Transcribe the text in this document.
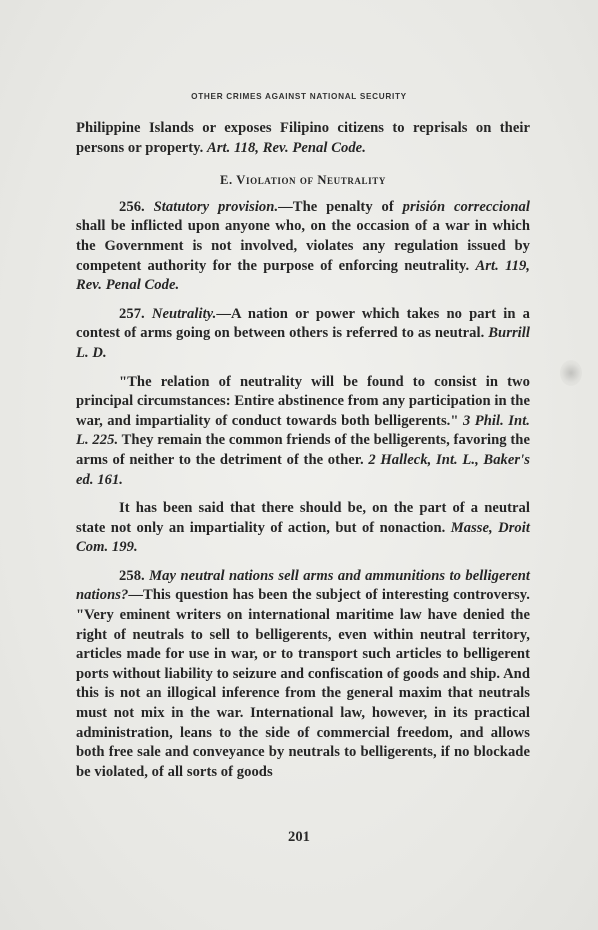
OTHER CRIMES AGAINST NATIONAL SECURITY

Philippine Islands or exposes Filipino citizens to reprisals on their persons or property. Art. 118, Rev. Penal Code.

E. Violation of Neutrality

256. Statutory provision.—The penalty of prisión correccional shall be inflicted upon anyone who, on the occasion of a war in which the Government is not involved, violates any regulation issued by competent authority for the purpose of enforcing neutrality. Art. 119, Rev. Penal Code.

257. Neutrality.—A nation or power which takes no part in a contest of arms going on between others is referred to as neutral. Burrill L. D.

"The relation of neutrality will be found to consist in two principal circumstances: Entire abstinence from any participation in the war, and impartiality of conduct towards both belligerents." 3 Phil. Int. L. 225. They remain the common friends of the belligerents, favoring the arms of neither to the detriment of the other. 2 Halleck, Int. L., Baker's ed. 161.

It has been said that there should be, on the part of a neutral state not only an impartiality of action, but of nonaction. Masse, Droit Com. 199.

258. May neutral nations sell arms and ammunitions to belligerent nations?—This question has been the subject of interesting controversy. "Very eminent writers on international maritime law have denied the right of neutrals to sell to belligerents, even within neutral territory, articles made for use in war, or to transport such articles to belligerent ports without liability to seizure and confiscation of goods and ship. And this is not an illogical inference from the general maxim that neutrals must not mix in the war. International law, however, in its practical administration, leans to the side of commercial freedom, and allows both free sale and conveyance by neutrals to belligerents, if no blockade be violated, of all sorts of goods

201
